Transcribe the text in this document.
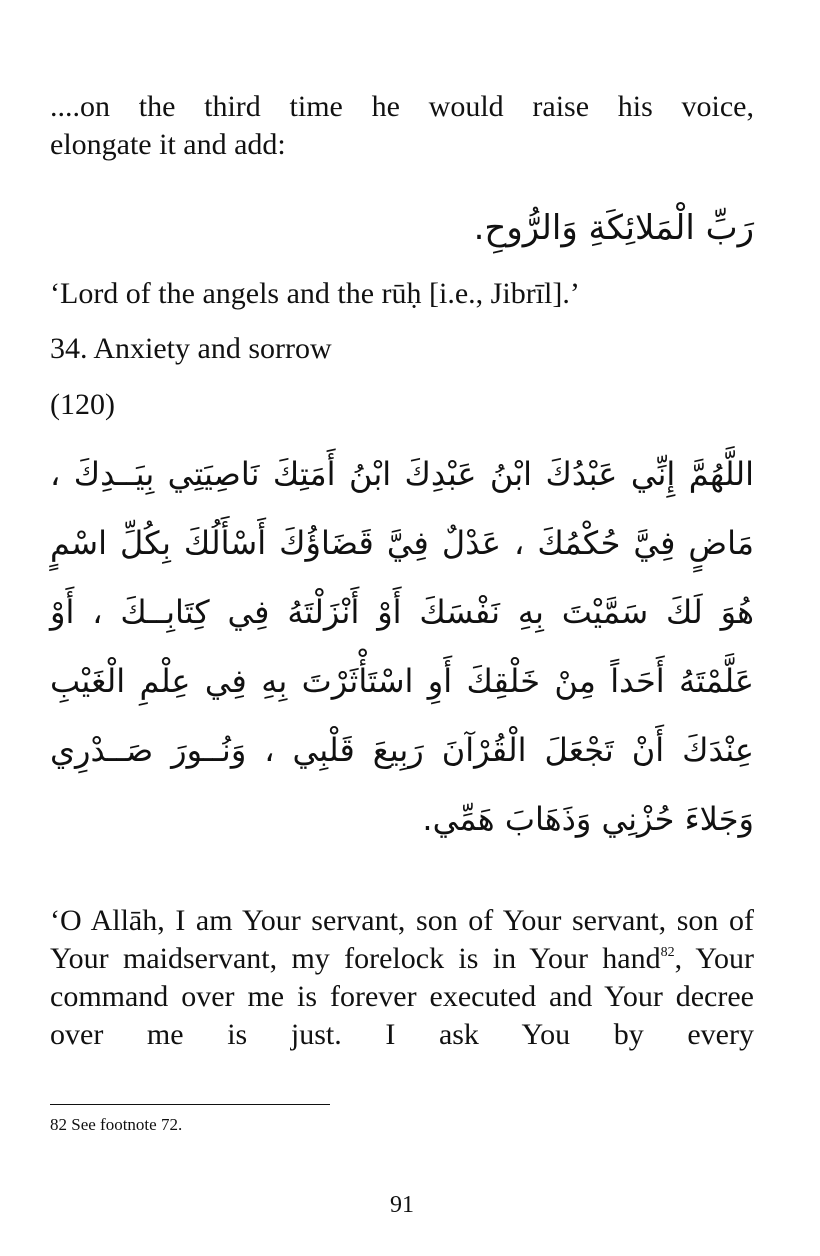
....on the third time he would raise his voice,
elongate it and add:
رَبِّ الْمَلائِكَةِ وَالرُّوحِ.
‘Lord of the angels and the rūḥ [i.e., Jibrīl].’
34. Anxiety and sorrow
(120)
اللَّهُمَّ إِنِّي عَبْدُكَ ابْنُ عَبْدِكَ ابْنُ أَمَتِكَ نَاصِيَتِي بِيَــدِكَ ، مَاضٍ فِيَّ حُكْمُكَ ، عَدْلٌ فِيَّ قَضَاؤُكَ أَسْأَلُكَ بِكُلِّ اسْمٍ هُوَ لَكَ سَمَّيْتَ بِهِ نَفْسَكَ أَوْ أَنْزَلْتَهُ فِي كِتَابِــكَ ، أَوْ عَلَّمْتَهُ أَحَداً مِنْ خَلْقِكَ أَوِ اسْتَأْثَرْتَ بِهِ فِي عِلْمِ الْغَيْبِ عِنْدَكَ أَنْ تَجْعَلَ الْقُرْآنَ رَبِيعَ قَلْبِي ، وَنُــورَ صَــدْرِي وَجَلاءَ حُزْنِي وَذَهَابَ هَمِّي.
‘O Allāh, I am Your servant, son of Your servant, son of Your maidservant, my forelock is in Your hand$^{82}$, Your command over me is forever executed and Your decree over me is just. I ask You by every
82 See footnote 72.
91
